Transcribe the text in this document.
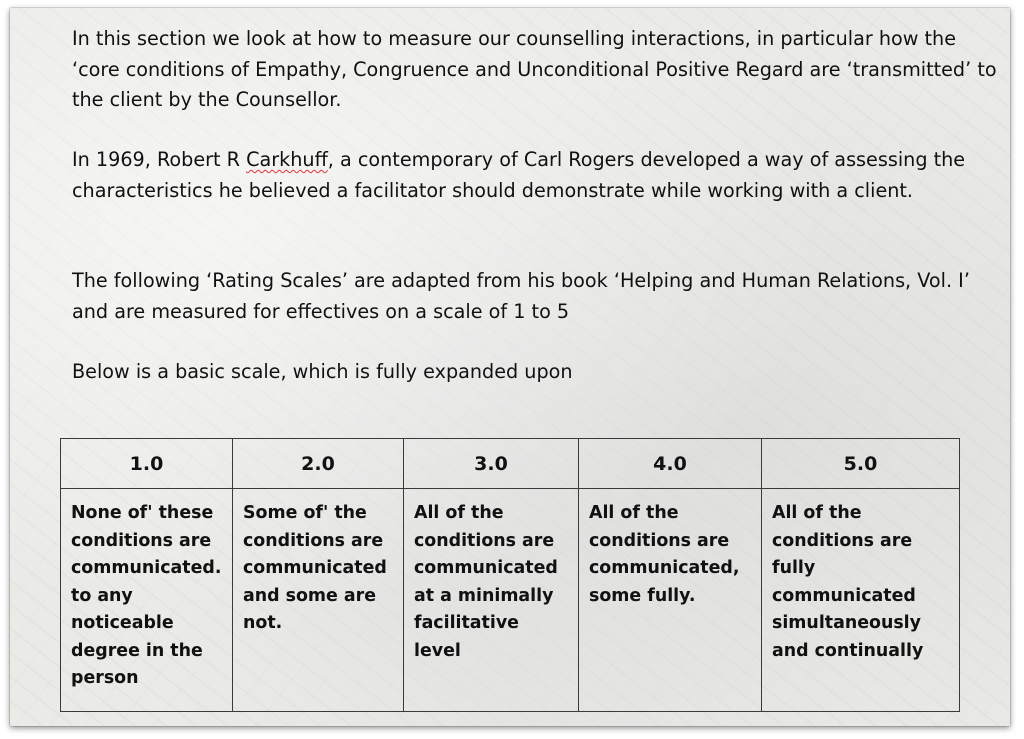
In this section we look at how to measure our counselling interactions, in particular how the ‘core conditions of Empathy, Congruence and Unconditional Positive Regard are ‘transmitted’ to the client by the Counsellor.

In 1969, Robert R Carkhuff, a contemporary of Carl Rogers developed a way of assessing the characteristics he believed a facilitator should demonstrate while working with a client.

The following ‘Rating Scales’ are adapted from his book ‘Helping and Human Relations, Vol. I’ and are measured for effectives on a scale of 1 to 5

Below is a basic scale, which is fully expanded upon

1.0	2.0	3.0	4.0	5.0
None of' these conditions are communicated. to any noticeable degree in the person	Some of' the conditions are communicated and some are not.	All of the conditions are communicated at a minimally facilitative level	All of the conditions are communicated, some fully.	All of the conditions are fully communicated simultaneously and continually
